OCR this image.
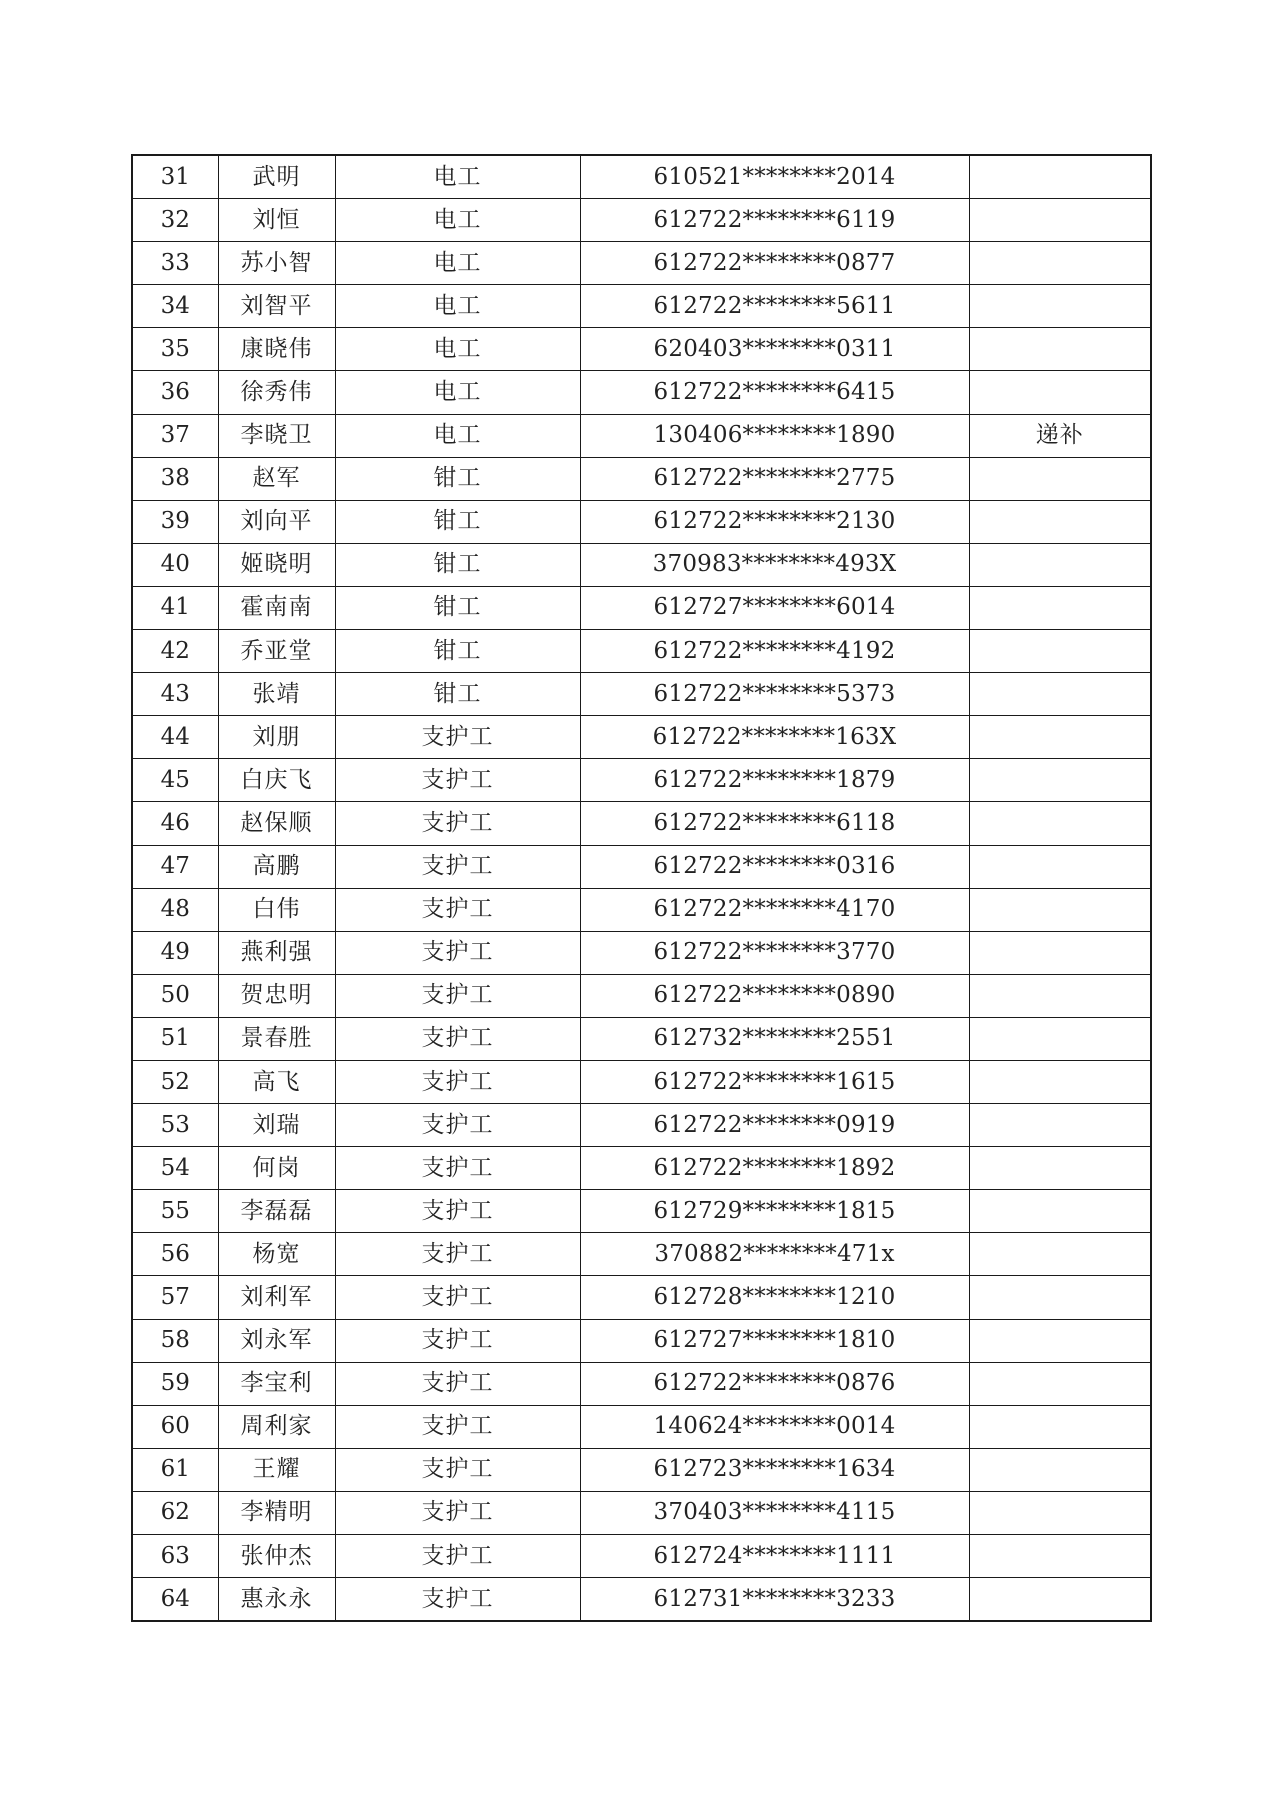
31	武明	电工	610521********2014	
32	刘恒	电工	612722********6119	
33	苏小智	电工	612722********0877	
34	刘智平	电工	612722********5611	
35	康晓伟	电工	620403********0311	
36	徐秀伟	电工	612722********6415	
37	李晓卫	电工	130406********1890	递补
38	赵军	钳工	612722********2775	
39	刘向平	钳工	612722********2130	
40	姬晓明	钳工	370983********493X	
41	霍南南	钳工	612727********6014	
42	乔亚堂	钳工	612722********4192	
43	张靖	钳工	612722********5373	
44	刘朋	支护工	612722********163X	
45	白庆飞	支护工	612722********1879	
46	赵保顺	支护工	612722********6118	
47	高鹏	支护工	612722********0316	
48	白伟	支护工	612722********4170	
49	燕利强	支护工	612722********3770	
50	贺忠明	支护工	612722********0890	
51	景春胜	支护工	612732********2551	
52	高飞	支护工	612722********1615	
53	刘瑞	支护工	612722********0919	
54	何岗	支护工	612722********1892	
55	李磊磊	支护工	612729********1815	
56	杨宽	支护工	370882********471x	
57	刘利军	支护工	612728********1210	
58	刘永军	支护工	612727********1810	
59	李宝利	支护工	612722********0876	
60	周利家	支护工	140624********0014	
61	王耀	支护工	612723********1634	
62	李精明	支护工	370403********4115	
63	张仲杰	支护工	612724********1111	
64	惠永永	支护工	612731********3233	
